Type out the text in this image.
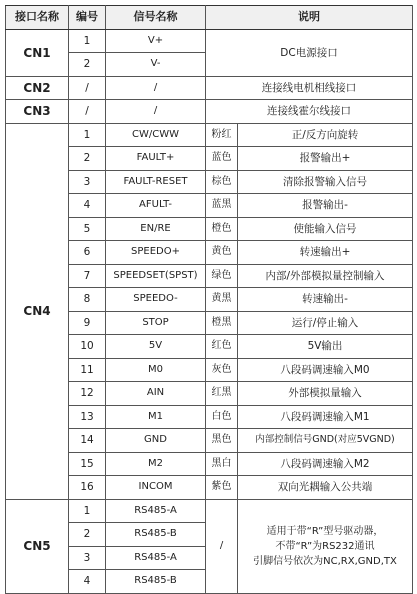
接口名称	编号	信号名称	说明	
CN1	1	V+	DC电源接口	
	2	V-		
CN2	/	/	连接线电机相线接口	
CN3	/	/	连接线霍尔线接口	
CN4	1	CW/CWW	粉红	正/反方向旋转
	2	FAULT+	蓝色	报警输出+
	3	FAULT-RESET	棕色	清除报警输入信号
	4	AFULT-	蓝黑	报警输出-
	5	EN/RE	橙色	使能输入信号
	6	SPEEDO+	黄色	转速输出+
	7	SPEEDSET(SPST)	绿色	内部/外部模拟量控制输入
	8	SPEEDO-	黄黑	转速输出-
	9	STOP	橙黑	运行/停止输入
	10	5V	红色	5V输出
	11	M0	灰色	八段码调速输入M0
	12	AIN	红黑	外部模拟量输入
	13	M1	白色	八段码调速输入M1
	14	GND	黑色	内部控制信号GND(对应5VGND)
	15	M2	黑白	八段码调速输入M2
	16	INCOM	紫色	双向光耦输入公共端
CN5	1	RS485-A	/	适用于带“R”型号驱动器，
不带“R”为RS232通讯
引脚信号依次为NC,RX,GND,TX

	2	RS485-B		
	3	RS485-A		
	4	RS485-B		
